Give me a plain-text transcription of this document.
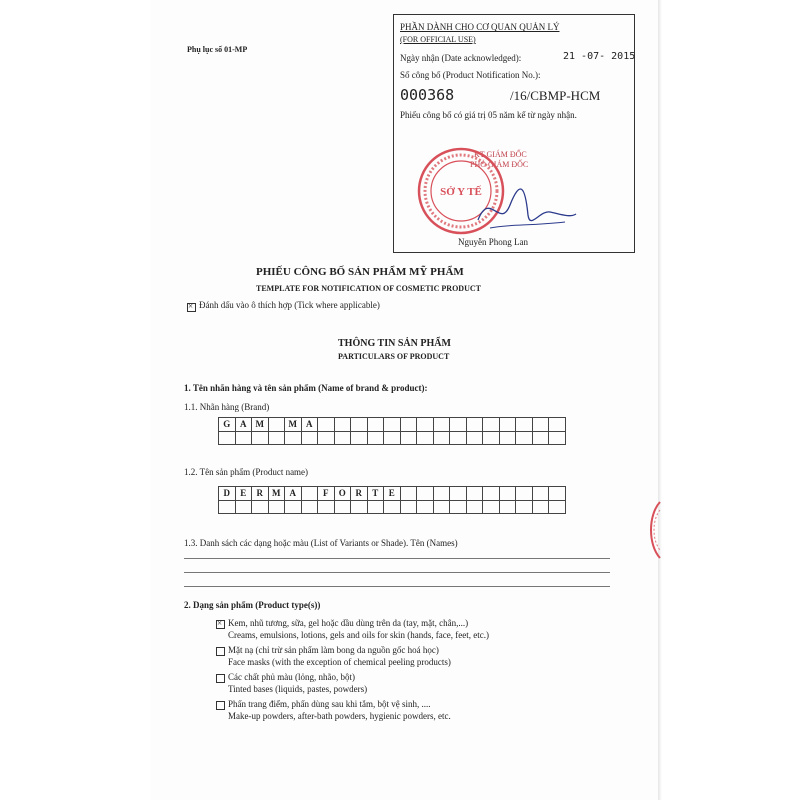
Phụ lục số 01-MP
PHẦN DÀNH CHO CƠ QUAN QUẢN LÝ
(FOR OFFICIAL USE)
Ngày nhận (Date acknowledged):	21 -07- 2015
Số công bố (Product Notification No.):
000368	/16/CBMP-HCM
Phiếu công bố có giá trị 05 năm kể từ ngày nhận.
KT GIÁM ĐỐC
PHÓ GIÁM ĐỐC
SỞ Y TẾ
Nguyễn Phong Lan
PHIẾU CÔNG BỐ SẢN PHẨM MỸ PHẨM
TEMPLATE FOR NOTIFICATION OF COSMETIC PRODUCT
×
Đánh dấu vào ô thích hợp (Tick where applicable)
THÔNG TIN SẢN PHẨM
PARTICULARS OF PRODUCT
1. Tên nhãn hàng và tên sản phẩm (Name of brand & product):
1.1. Nhãn hàng (Brand)
G	A	M		M	A															

1.2. Tên sản phẩm (Product name)
D	E	R	M	A		F	O	R	T	E										

1.3. Danh sách các dạng hoặc màu (List of Variants or Shade). Tên (Names)
2. Dạng sản phẩm (Product type(s))
×
Kem, nhũ tương, sữa, gel hoặc dầu dùng trên da (tay, mặt, chân,...)
Creams, emulsions, lotions, gels and oils for skin (hands, face, feet, etc.)
Mặt nạ (chỉ trừ sản phẩm làm bong da nguồn gốc hoá học)
Face masks (with the exception of chemical peeling products)
Các chất phủ màu (lỏng, nhão, bột)
Tinted bases (liquids, pastes, powders)
Phấn trang điểm, phấn dùng sau khi tắm, bột vệ sinh, ....
Make-up powders, after-bath powders, hygienic powders, etc.
